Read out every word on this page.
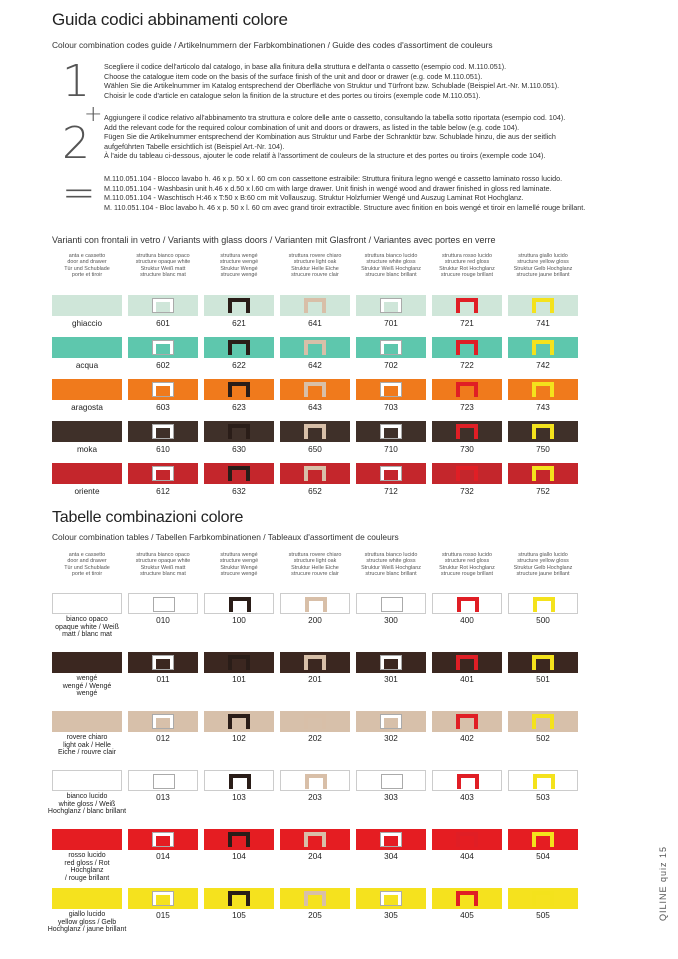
Guida codici abbinamenti colore
Colour combination codes guide / Artikelnummern der Farbkombinationen / Guide des codes d'assortiment de couleurs
1 Scegliere il codice dell'articolo dal catalogo, in base alla finitura della struttura e dell'anta o cassetto (esempio cod. M.110.051).
Choose the catalogue item code on the basis of the surface finish of the unit and door or drawer (e.g. code M.110.051).
Wählen Sie die Artikelnummer im Katalog entsprechend der Oberfläche von Struktur und Türfront bzw. Schublade (Beispiel Art.-Nr. M.110.051).
Choisir le code d'article en catalogue selon la finition de la structure et des portes ou tiroirs (exemple code M.110.051).
+
2
Aggiungere il codice relativo all'abbinamento tra struttura e colore delle ante o cassetto, consultando la tabella sotto riportata (esempio cod. 104).
Add the relevant code for the required colour combination of unit and doors or drawers, as listed in the table below (e.g. code 104).
Fügen Sie die Artikelnummer entsprechend der Kombination aus Struktur und Farbe der Schranktür bzw. Schublade hinzu, die aus der seitlich
aufgeführten Tabelle ersichtlich ist (Beispiel Art.-Nr. 104).
À l'aide du tableau ci-dessous, ajouter le code relatif à l'assortiment de couleurs de la structure et des portes ou tiroirs (exemple code 104).
= M.110.051.104 - Blocco lavabo h. 46 x p. 50 x l. 60 cm con cassettone estraibile: Struttura finitura legno wengé e cassetto laminato rosso lucido.
M.110.051.104 - Washbasin unit h.46 x d.50 x l.60 cm with large drawer. Unit finish in wengé wood and drawer finished in gloss red laminate.
M.110.051.104 - Waschtisch H:46 x T:50 x B:60 cm mit Vollauszug. Struktur Holzfurnier Wengé und Auszug Laminat Rot Hochglanz.
M. 110.051.104 - Bloc lavabo h. 46 x p. 50 x l. 60 cm avec grand tiroir extractible. Structure avec finition en bois wengé et tiroir en lamellé rouge brillant.
Varianti con frontali in vetro / Variants with glass doors / Varianten mit Glasfront / Variantes avec portes en verre
anta e cassetto
door and drawer
Tür und Schublade
porte et tiroir
struttura bianco opaco
structure opaque white
Struktur Weiß matt
structure blanc mat
struttura wengé
structure wengé
Struktur Wengé
strucure wengé
struttura rovere chiaro
structure light oak
Struktur Helle Eiche
strucure rouvre clair
struttura bianco lucido
structure white gloss
Struktur Weiß Hochglanz
strucure blanc brillant
struttura rosso lucido
structure red gloss
Struktur Rot Hochglanz
strucure rouge brillant
struttura giallo lucido
structure yellow gloss
Struktur Gelb Hochglanz
structure jaune brillant
ghiaccio	601	621	641	701	721	741
acqua	602	622	642	702	722	742
aragosta	603	623	643	703	723	743
moka	610	630	650	710	730	750
oriente	612	632	652	712	732	752
Tabelle combinazioni colore
Colour combination tables / Tabellen Farbkombinationen / Tableaux d'assortiment de couleurs
anta e cassetto
door and drawer
Tür und Schublade
porte et tiroir
struttura bianco opaco
structure opaque white
Struktur Weiß matt
structure blanc mat
struttura wengé
structure wengé
Struktur Wengé
strucure wengé
struttura rovere chiaro
structure light oak
Struktur Helle Eiche
strucure rouvre clair
struttura bianco lucido
structure white gloss
Struktur Weiß Hochglanz
strucure blanc brillant
struttura rosso lucido
structure red gloss
Struktur Rot Hochglanz
strucure rouge brillant
struttura giallo lucido
structure yellow gloss
Struktur Gelb Hochglanz
structure jaune brillant
bianco opaco
opaque white / Weiß
matt / blanc mat
010	100	200	300	400	500
wengé
wengé / Wengé
wengé
011	101	201	301	401	501
rovere chiaro
light oak / Helle
Eiche / rouvre clair
012	102	202	302	402	502
bianco lucido
white gloss / Weiß
Hochglanz / blanc brillant
013	103	203	303	403	503
rosso lucido
red gloss / Rot Hochglanz
/ rouge brillant
014	104	204	304	404	504
giallo lucido
yellow gloss / Gelb
Hochglanz / jaune brillant
015	105	205	305	405	505	QILINE quiz 15
